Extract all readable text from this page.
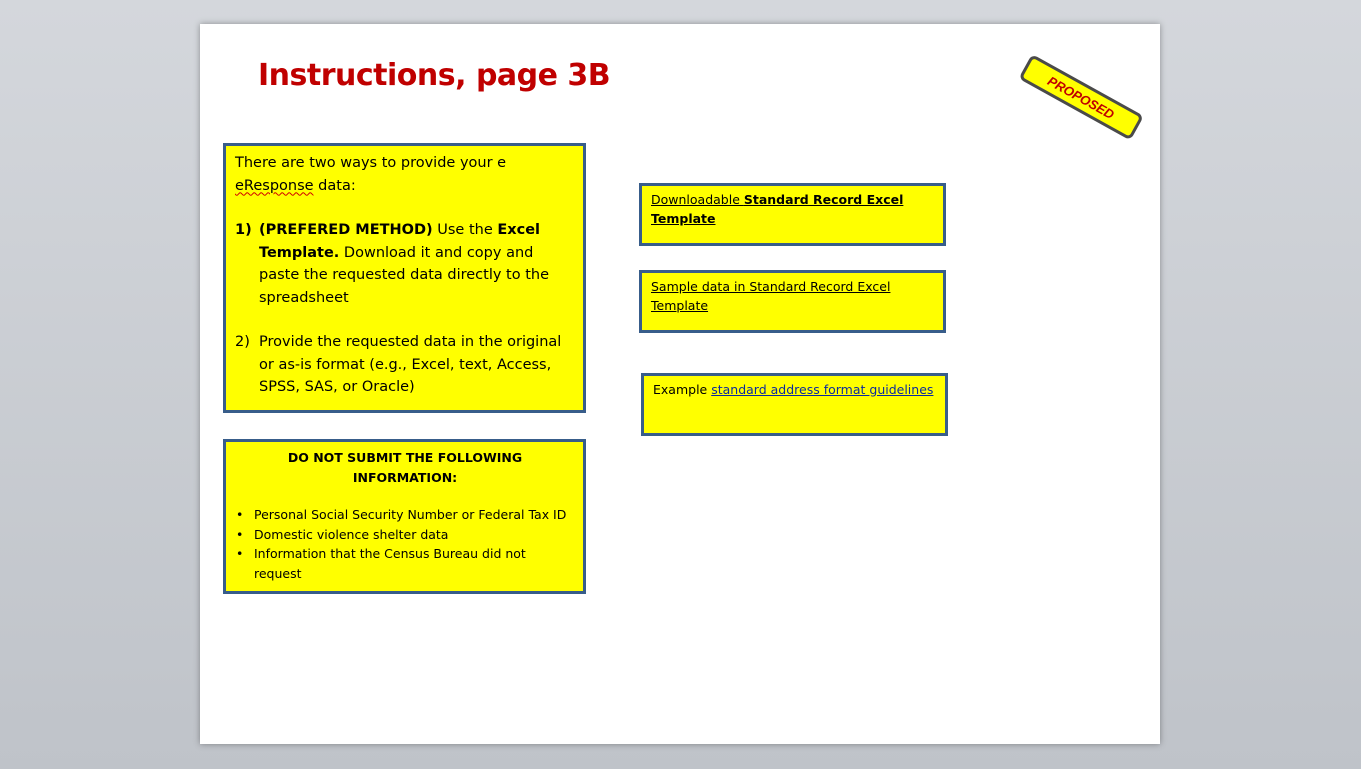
Instructions, page 3B	PROPOSED

There are two ways to provide your e
eResponse data:

1) (PREFERED METHOD) Use the Excel Template. Download it and copy and paste the requested data directly to the spreadsheet
2) Provide the requested data in the original or as-is format (e.g., Excel, text, Access, SPSS, SAS, or Oracle)

DO NOT SUBMIT THE FOLLOWING INFORMATION:

• Personal Social Security Number or Federal Tax ID
• Domestic violence shelter data
• Information that the Census Bureau did not request
Downloadable Standard Record Excel Template
Sample data in Standard Record Excel Template
Example standard address format guidelines
